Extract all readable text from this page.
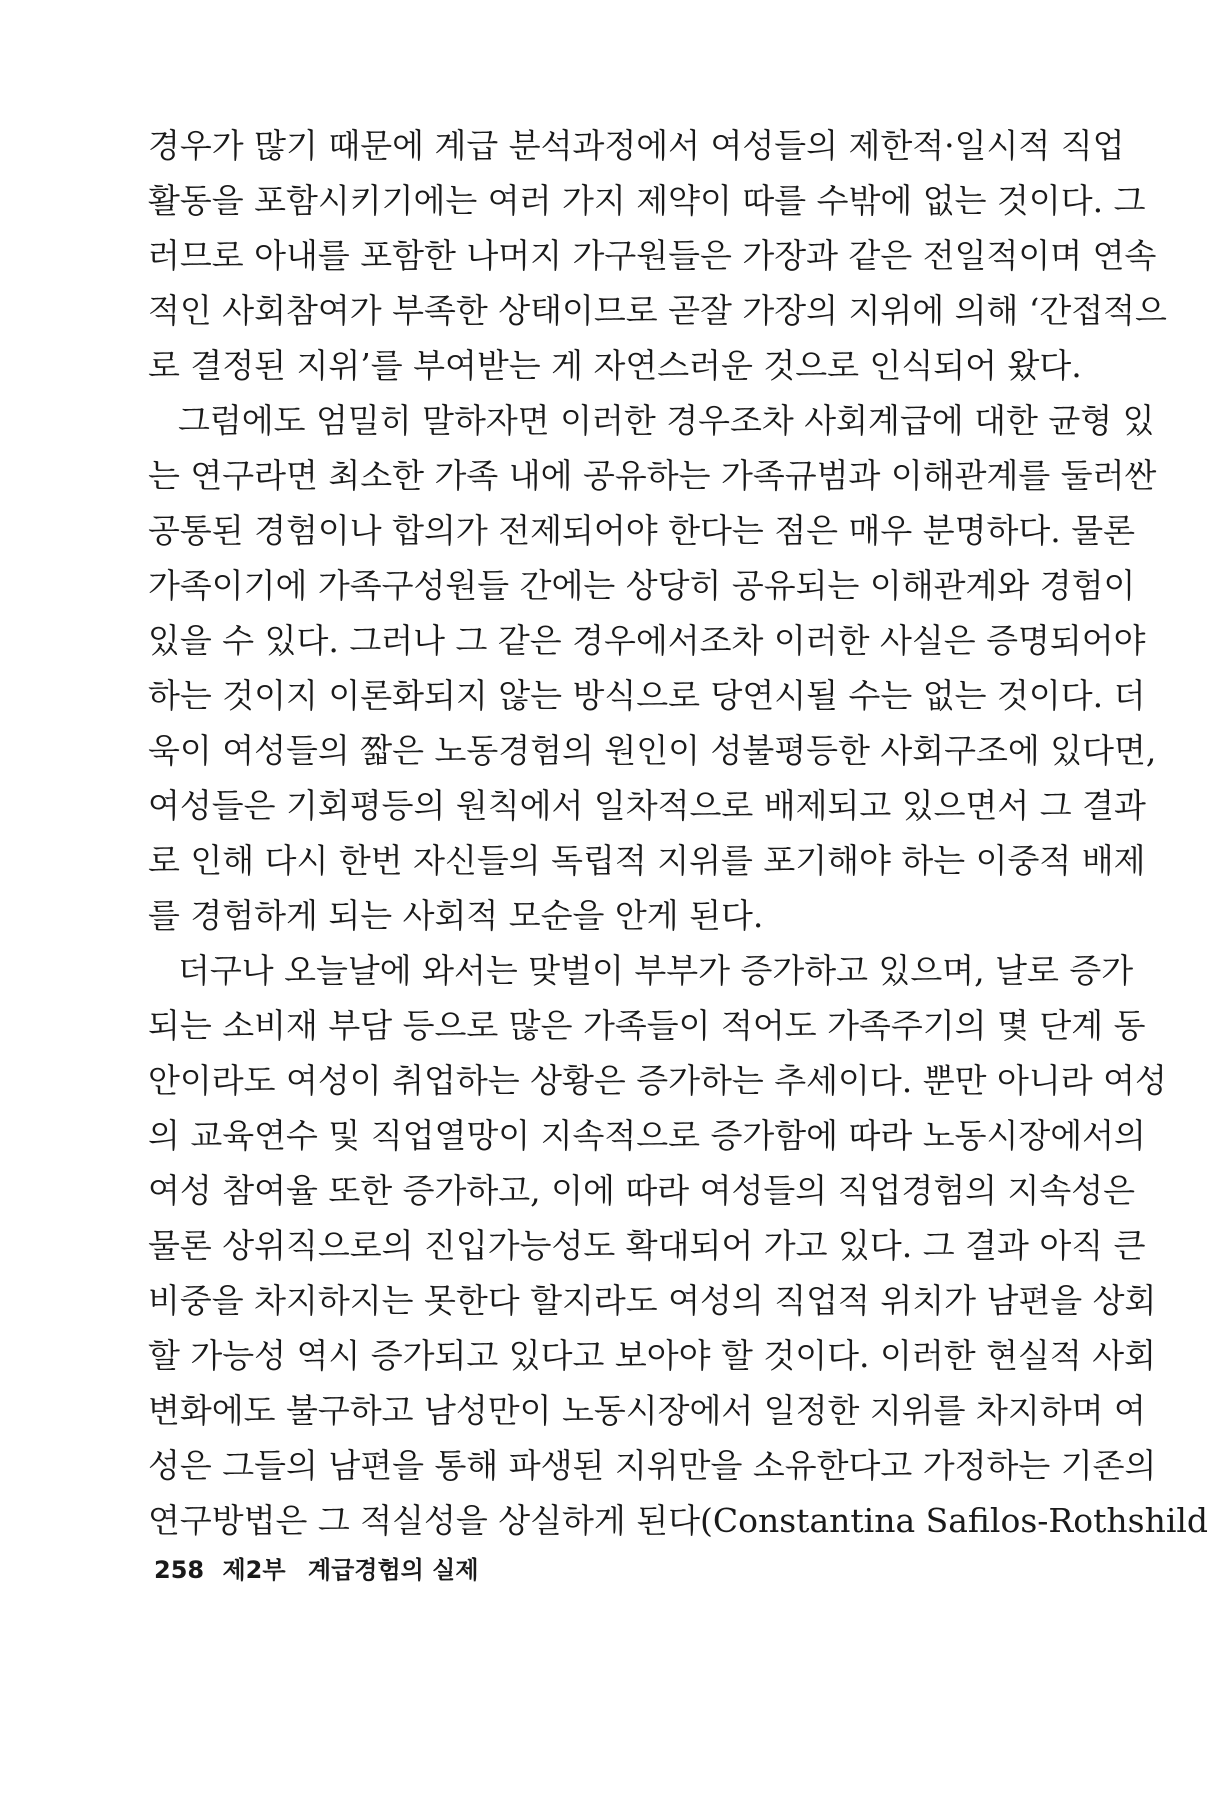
경우가 많기 때문에 계급 분석과정에서 여성들의 제한적·일시적 직업
활동을 포함시키기에는 여러 가지 제약이 따를 수밖에 없는 것이다. 그
러므로 아내를 포함한 나머지 가구원들은 가장과 같은 전일적이며 연속
적인 사회참여가 부족한 상태이므로 곧잘 가장의 지위에 의해 ‘간접적으
로 결정된 지위’를 부여받는 게 자연스러운 것으로 인식되어 왔다.
그럼에도 엄밀히 말하자면 이러한 경우조차 사회계급에 대한 균형 있
는 연구라면 최소한 가족 내에 공유하는 가족규범과 이해관계를 둘러싼
공통된 경험이나 합의가 전제되어야 한다는 점은 매우 분명하다. 물론
가족이기에 가족구성원들 간에는 상당히 공유되는 이해관계와 경험이
있을 수 있다. 그러나 그 같은 경우에서조차 이러한 사실은 증명되어야
하는 것이지 이론화되지 않는 방식으로 당연시될 수는 없는 것이다. 더
욱이 여성들의 짧은 노동경험의 원인이 성불평등한 사회구조에 있다면,
여성들은 기회평등의 원칙에서 일차적으로 배제되고 있으면서 그 결과
로 인해 다시 한번 자신들의 독립적 지위를 포기해야 하는 이중적 배제
를 경험하게 되는 사회적 모순을 안게 된다.
더구나 오늘날에 와서는 맞벌이 부부가 증가하고 있으며, 날로 증가
되는 소비재 부담 등으로 많은 가족들이 적어도 가족주기의 몇 단계 동
안이라도 여성이 취업하는 상황은 증가하는 추세이다. 뿐만 아니라 여성
의 교육연수 및 직업열망이 지속적으로 증가함에 따라 노동시장에서의
여성 참여율 또한 증가하고, 이에 따라 여성들의 직업경험의 지속성은
물론 상위직으로의 진입가능성도 확대되어 가고 있다. 그 결과 아직 큰
비중을 차지하지는 못한다 할지라도 여성의 직업적 위치가 남편을 상회
할 가능성 역시 증가되고 있다고 보아야 할 것이다. 이러한 현실적 사회
변화에도 불구하고 남성만이 노동시장에서 일정한 지위를 차지하며 여
성은 그들의 남편을 통해 파생된 지위만을 소유한다고 가정하는 기존의
연구방법은 그 적실성을 상실하게 된다(Constantina Safilos-Rothshild
258 제2부 계급경험의 실제
